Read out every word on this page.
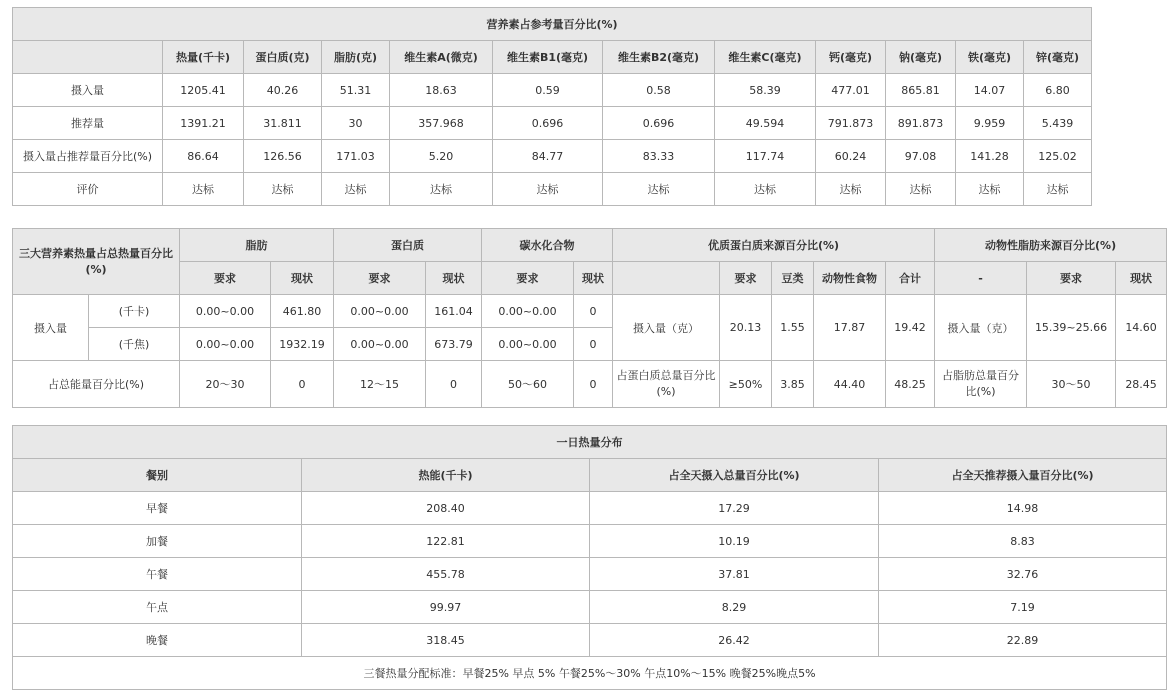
营养素占参考量百分比(%)											
	热量(千卡)	蛋白质(克)	脂肪(克)	维生素A(微克)	维生素B1(毫克)	维生素B2(毫克)	维生素C(毫克)	钙(毫克)	钠(毫克)	铁(毫克)	锌(毫克)
摄入量	1205.41	40.26	51.31	18.63	0.59	0.58	58.39	477.01	865.81	14.07	6.80
推荐量	1391.21	31.811	30	357.968	0.696	0.696	49.594	791.873	891.873	9.959	5.439
摄入量占推荐量百分比(%)	86.64	126.56	171.03	5.20	84.77	83.33	117.74	60.24	97.08	141.28	125.02
评价	达标	达标	达标	达标	达标	达标	达标	达标	达标	达标	达标
三大营养素热量占总热量百分比(%)		脂肪		蛋白质		碳水化合物		优质蛋白质来源百分比(%)					动物性脂肪来源百分比(%)		
		要求	现状	要求	现状	要求	现状		要求	豆类	动物性食物	合计	-	要求	现状
摄入量	(千卡)	0.00~0.00	461.80	0.00~0.00	161.04	0.00~0.00	0	摄入量（克）	20.13	1.55	17.87	19.42	摄入量（克）	15.39~25.66	14.60
	(千焦)	0.00~0.00	1932.19	0.00~0.00	673.79	0.00~0.00	0								
占总能量百分比(%)		20～30	0	12～15	0	50～60	0	占蛋白质总量百分比(%)	≥50%	3.85	44.40	48.25	占脂肪总量百分比(%)	30～50	28.45
一日热量分布			
餐别	热能(千卡)	占全天摄入总量百分比(%)	占全天推荐摄入量百分比(%)
早餐	208.40	17.29	14.98
加餐	122.81	10.19	8.83
午餐	455.78	37.81	32.76
午点	99.97	8.29	7.19
晚餐	318.45	26.42	22.89
三餐热量分配标准：早餐25% 早点 5% 午餐25%～30% 午点10%～15% 晚餐25%晚点5%			
